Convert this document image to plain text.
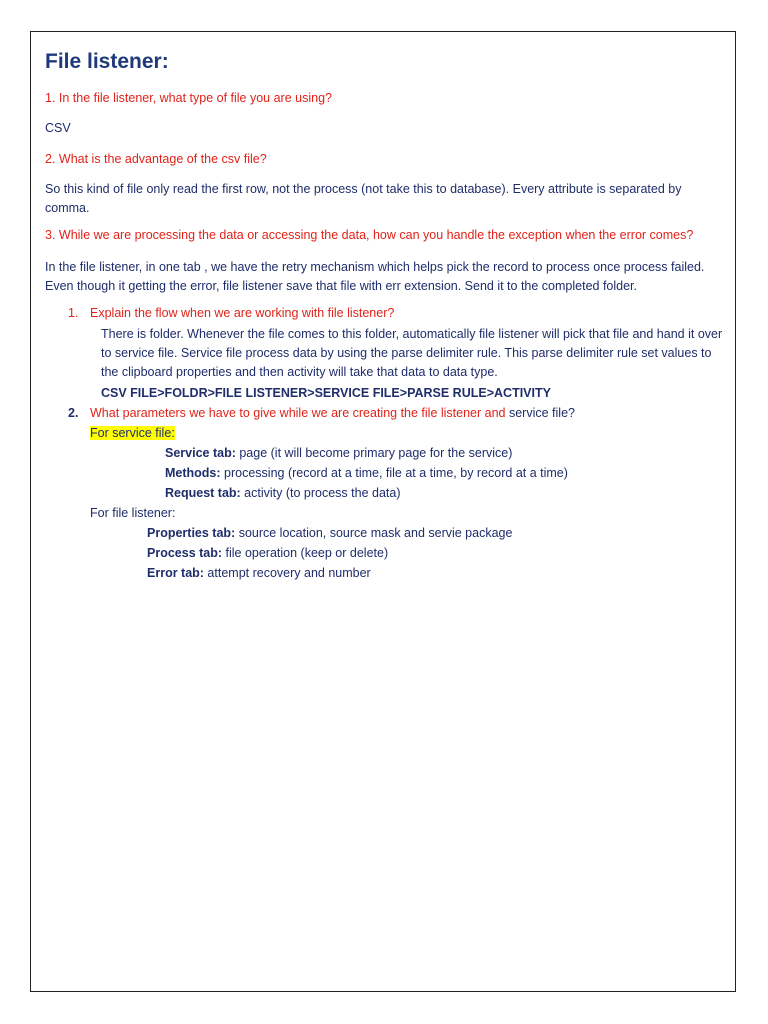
File listener:

1. In the file listener, what type of file you are using?

CSV

2. What is the advantage of the csv file?

So this kind of file only read the first row, not the process (not take this to database). Every attribute is separated by comma.

3. While we are processing the data or accessing the data, how can you handle the exception when the error comes?

In the file listener, in one tab , we have the retry mechanism which helps pick the record to process once process failed. Even though it getting the error, file listener save that file with err extension. Send it to the completed folder.

1. Explain the flow when we are working with file listener?

There is folder. Whenever the file comes to this folder, automatically file listener will pick that file and hand it over to service file. Service file process data by using the parse delimiter rule. This parse delimiter rule set values to the clipboard properties and then activity will take that data to data type.

CSV FILE>FOLDR>FILE LISTENER>SERVICE FILE>PARSE RULE>ACTIVITY

2. What parameters we have to give while we are creating the file listener and service file?

For service file:

Service tab: page (it will become primary page for the service)

Methods: processing (record at a time, file at a time, by record at a time)

Request tab: activity (to process the data)

For file listener:

Properties tab: source location, source mask and servie package

Process tab: file operation (keep or delete)

Error tab: attempt recovery and number
